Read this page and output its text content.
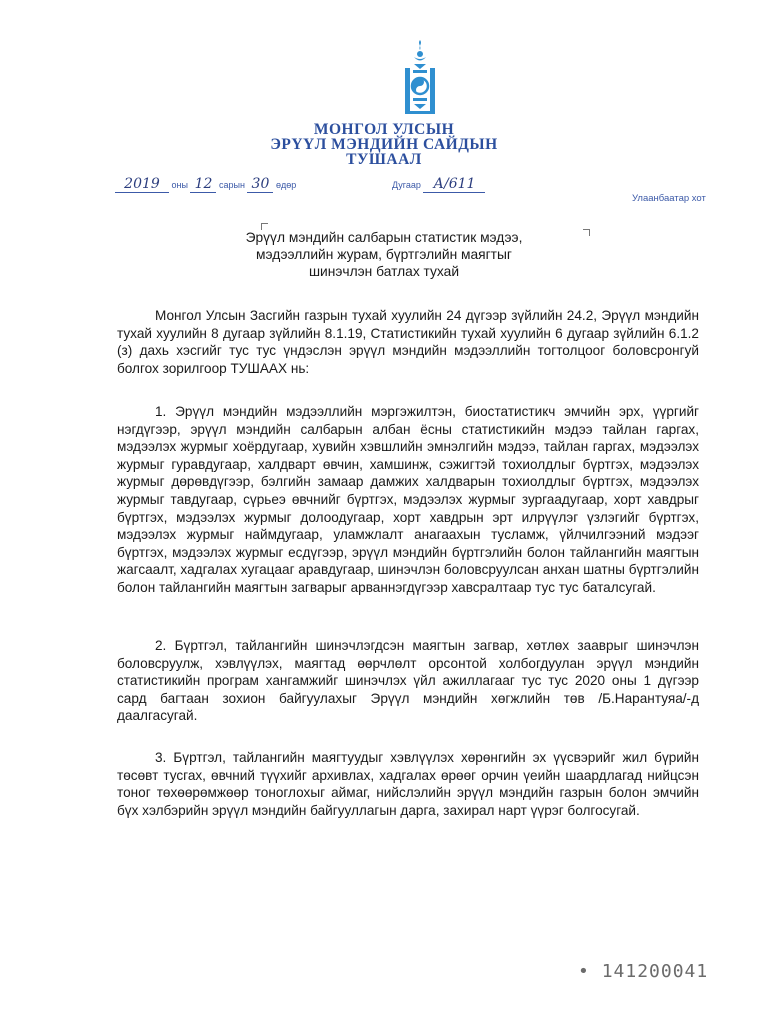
МОНГОЛ УЛСЫН
ЭРҮҮЛ МЭНДИЙН САЙДЫН
ТУШААЛ
2019 оны 12 сарын 30 өдөр	Дугаар А/611
Улаанбаатар хот
Эрүүл мэндийн салбарын статистик мэдээ,
мэдээллийн журам, бүртгэлийн маягтыг
шинэчлэн батлах тухай

Монгол Улсын Засгийн газрын тухай хуулийн 24 дүгээр зүйлийн 24.2, Эрүүл мэндийн тухай хуулийн 8 дугаар зүйлийн 8.1.19, Статистикийн тухай хуулийн 6 дугаар зүйлийн 6.1.2 (з) дахь хэсгийг тус тус үндэслэн эрүүл мэндийн мэдээллийн тогтолцоог боловсронгуй болгох зорилгоор ТУШААХ нь:

1. Эрүүл мэндийн мэдээллийн мэргэжилтэн, биостатистикч эмчийн эрх, үүргийг нэгдүгээр, эрүүл мэндийн салбарын албан ёсны статистикийн мэдээ тайлан гаргах, мэдээлэх журмыг хоёрдугаар, хувийн хэвшлийн эмнэлгийн мэдээ, тайлан гаргах, мэдээлэх журмыг гуравдугаар, халдварт өвчин, хамшинж, сэжигтэй тохиолдлыг бүртгэх, мэдээлэх журмыг дөрөвдүгээр, бэлгийн замаар дамжих халдварын тохиолдлыг бүртгэх, мэдээлэх журмыг тавдугаар, сүрьеэ өвчнийг бүртгэх, мэдээлэх журмыг зургаадугаар, хорт хавдрыг бүртгэх, мэдээлэх журмыг долоодугаар, хорт хавдрын эрт илрүүлэг үзлэгийг бүртгэх, мэдээлэх журмыг наймдугаар, уламжлалт анагаахын тусламж, үйлчилгээний мэдээг бүртгэх, мэдээлэх журмыг есдүгээр, эрүүл мэндийн бүртгэлийн болон тайлангийн маягтын жагсаалт, хадгалах хугацааг аравдугаар, шинэчлэн боловсруулсан анхан шатны бүртгэлийн болон тайлангийн маягтын загварыг арваннэгдүгээр хавсралтаар тус тус баталсугай.

2. Бүртгэл, тайлангийн шинэчлэгдсэн маягтын загвар, хөтлөх зааврыг шинэчлэн боловсруулж, хэвлүүлэх, маягтад өөрчлөлт орсонтой холбогдуулан эрүүл мэндийн статистикийн програм хангамжийг шинэчлэх үйл ажиллагааг тус тус 2020 оны 1 дүгээр сард багтаан зохион байгуулахыг Эрүүл мэндийн хөгжлийн төв /Б.Нарантуяа/-д даалгасугай.

3. Бүртгэл, тайлангийн маягтуудыг хэвлүүлэх хөрөнгийн эх үүсвэрийг жил бүрийн төсөвт тусгах, өвчний түүхийг архивлах, хадгалах өрөөг орчин үеийн шаардлагад нийцсэн тоног төхөөрөмжөөр тоноглохыг аймаг, нийслэлийн эрүүл мэндийн газрын болон эмчийн бүх хэлбэрийн эрүүл мэндийн байгууллагын дарга, захирал нарт үүрэг болгосугай.

• 141200041
